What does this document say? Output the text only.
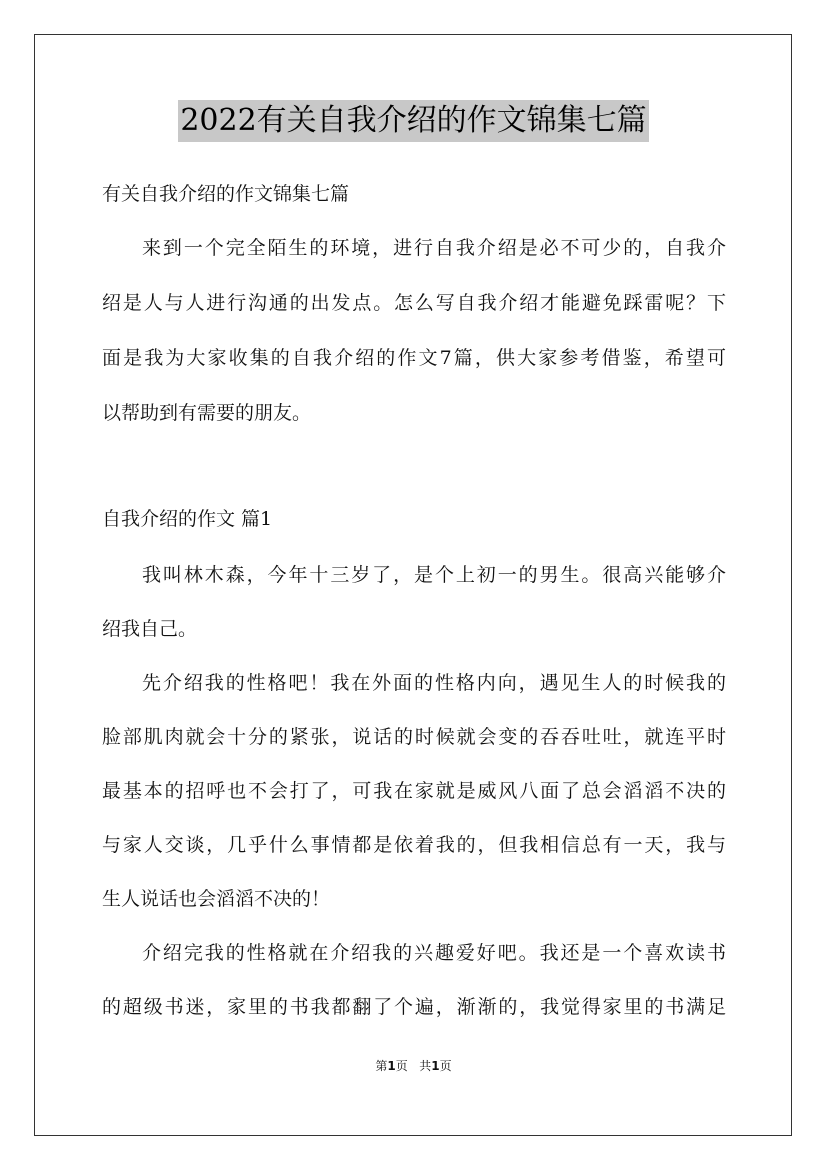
2022有关自我介绍的作文锦集七篇
有关自我介绍的作文锦集七篇
来到一个完全陌生的环境，进行自我介绍是必不可少的，自我介
绍是人与人进行沟通的出发点。怎么写自我介绍才能避免踩雷呢？下
面是我为大家收集的自我介绍的作文7篇，供大家参考借鉴，希望可
以帮助到有需要的朋友。
自我介绍的作文 篇1
我叫林木森，今年十三岁了，是个上初一的男生。很高兴能够介
绍我自己。
先介绍我的性格吧！我在外面的性格内向，遇见生人的时候我的
脸部肌肉就会十分的紧张，说话的时候就会变的吞吞吐吐，就连平时
最基本的招呼也不会打了，可我在家就是威风八面了总会滔滔不决的
与家人交谈，几乎什么事情都是依着我的，但我相信总有一天，我与
生人说话也会滔滔不决的！
介绍完我的性格就在介绍我的兴趣爱好吧。我还是一个喜欢读书
的超级书迷，家里的书我都翻了个遍，渐渐的，我觉得家里的书满足
第1页 共1页
